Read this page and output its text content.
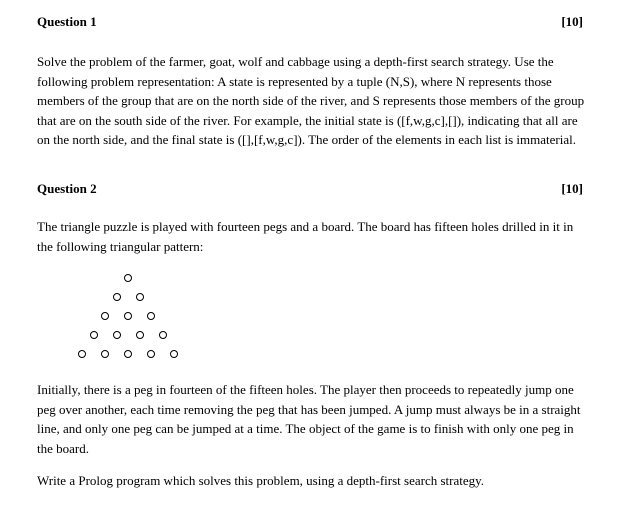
Question 1	[10]

Solve the problem of the farmer, goat, wolf and cabbage using a depth-first search strategy. Use the following problem representation: A state is represented by a tuple (N,S), where N represents those members of the group that are on the north side of the river, and S represents those members of the group that are on the south side of the river. For example, the initial state is ([f,w,g,c],[]), indicating that all are on the north side, and the final state is ([],[f,w,g,c]). The order of the elements in each list is immaterial.

Question 2	[10]

The triangle puzzle is played with fourteen pegs and a board. The board has fifteen holes drilled in it in the following triangular pattern:

Initially, there is a peg in fourteen of the fifteen holes. The player then proceeds to repeatedly jump one peg over another, each time removing the peg that has been jumped. A jump must always be in a straight line, and only one peg can be jumped at a time. The object of the game is to finish with only one peg in the board.

Write a Prolog program which solves this problem, using a depth-first search strategy.
